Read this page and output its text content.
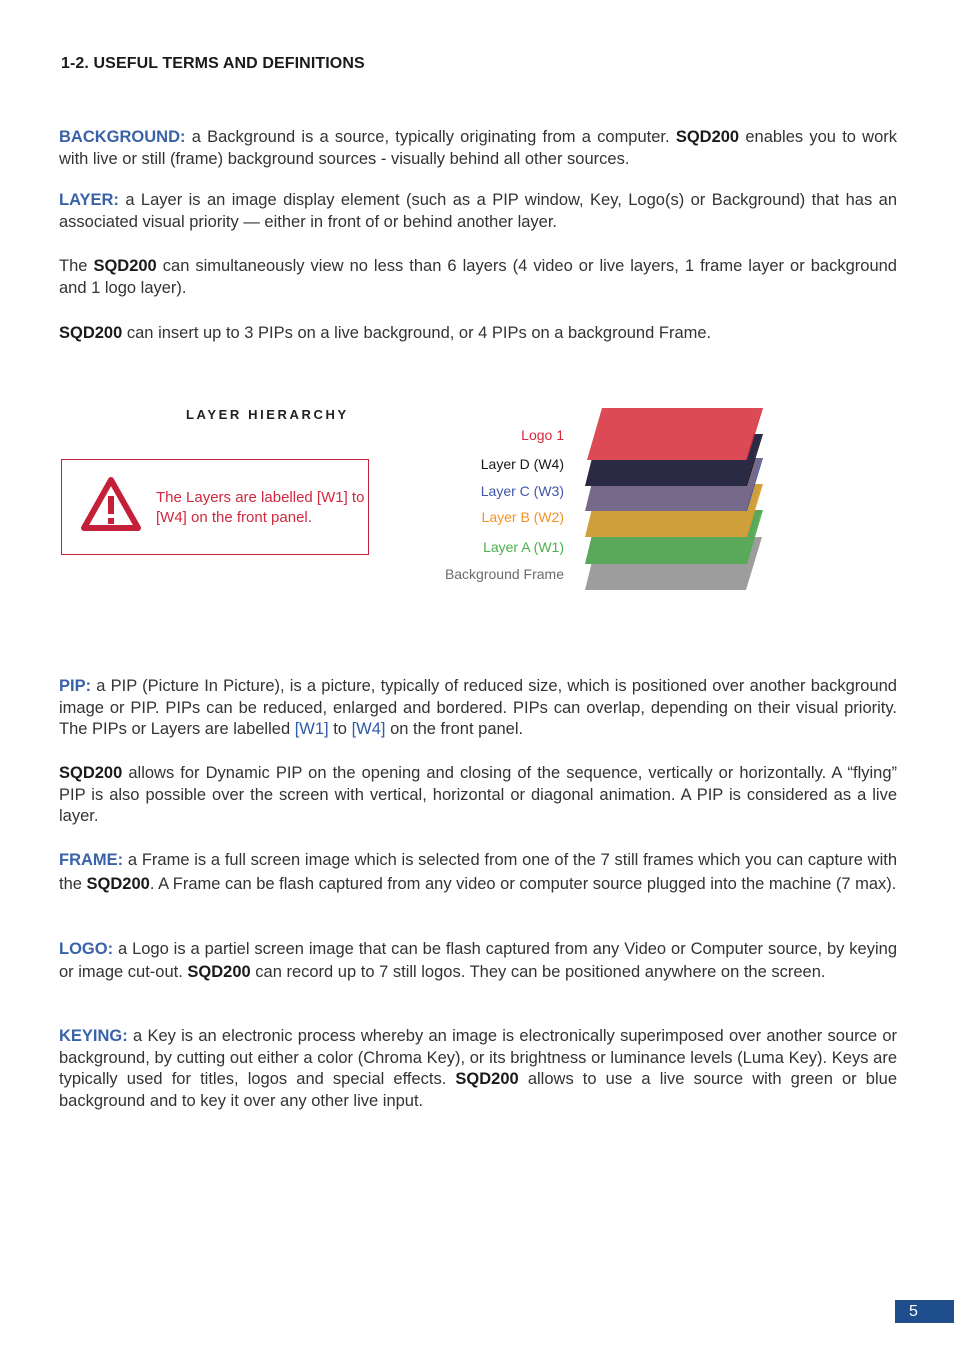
1-2. USEFUL TERMS AND DEFINITIONS

BACKGROUND: a Background is a source, typically originating from a computer. SQD200 enables you to work with live or still (frame) background sources - visually behind all other sources.

LAYER: a Layer is an image display element (such as a PIP window, Key, Logo(s) or Background) that has an associated visual priority — either in front of or behind another layer.

The SQD200 can simultaneously view no less than 6 layers (4 video or live layers, 1 frame layer or background and 1 logo layer).

SQD200 can insert up to 3 PIPs on a live background, or 4 PIPs on a background Frame.

LAYER HIERARCHY
The Layers are labelled [W1] to [W4] on the front panel.
Logo 1
Layer D (W4)
Layer C (W3)
Layer B (W2)
Layer A (W1)
Background Frame

PIP: a PIP (Picture In Picture), is a picture, typically of reduced size, which is positioned over another background image or PIP. PIPs can be reduced, enlarged and bordered. PIPs can overlap, depending on their visual priority. The PIPs or Layers are labelled [W1] to [W4] on the front panel.

SQD200 allows for Dynamic PIP on the opening and closing of the sequence, vertically or horizontally. A “flying” PIP is also possible over the screen with vertical, horizontal or diagonal animation. A PIP is considered as a live layer.

FRAME: a Frame is a full screen image which is selected from one of the 7 still frames which you can capture with the SQD200. A Frame can be flash captured from any video or computer source plugged into the machine (7 max).

LOGO: a Logo is a partiel screen image that can be flash captured from any Video or Computer source, by keying or image cut-out. SQD200 can record up to 7 still logos. They can be positioned anywhere on the screen.

KEYING: a Key is an electronic process whereby an image is electronically superimposed over another source or background, by cutting out either a color (Chroma Key), or its brightness or luminance levels (Luma Key). Keys are typically used for titles, logos and special effects. SQD200 allows to use a live source with green or blue background and to key it over any other live input.

5
